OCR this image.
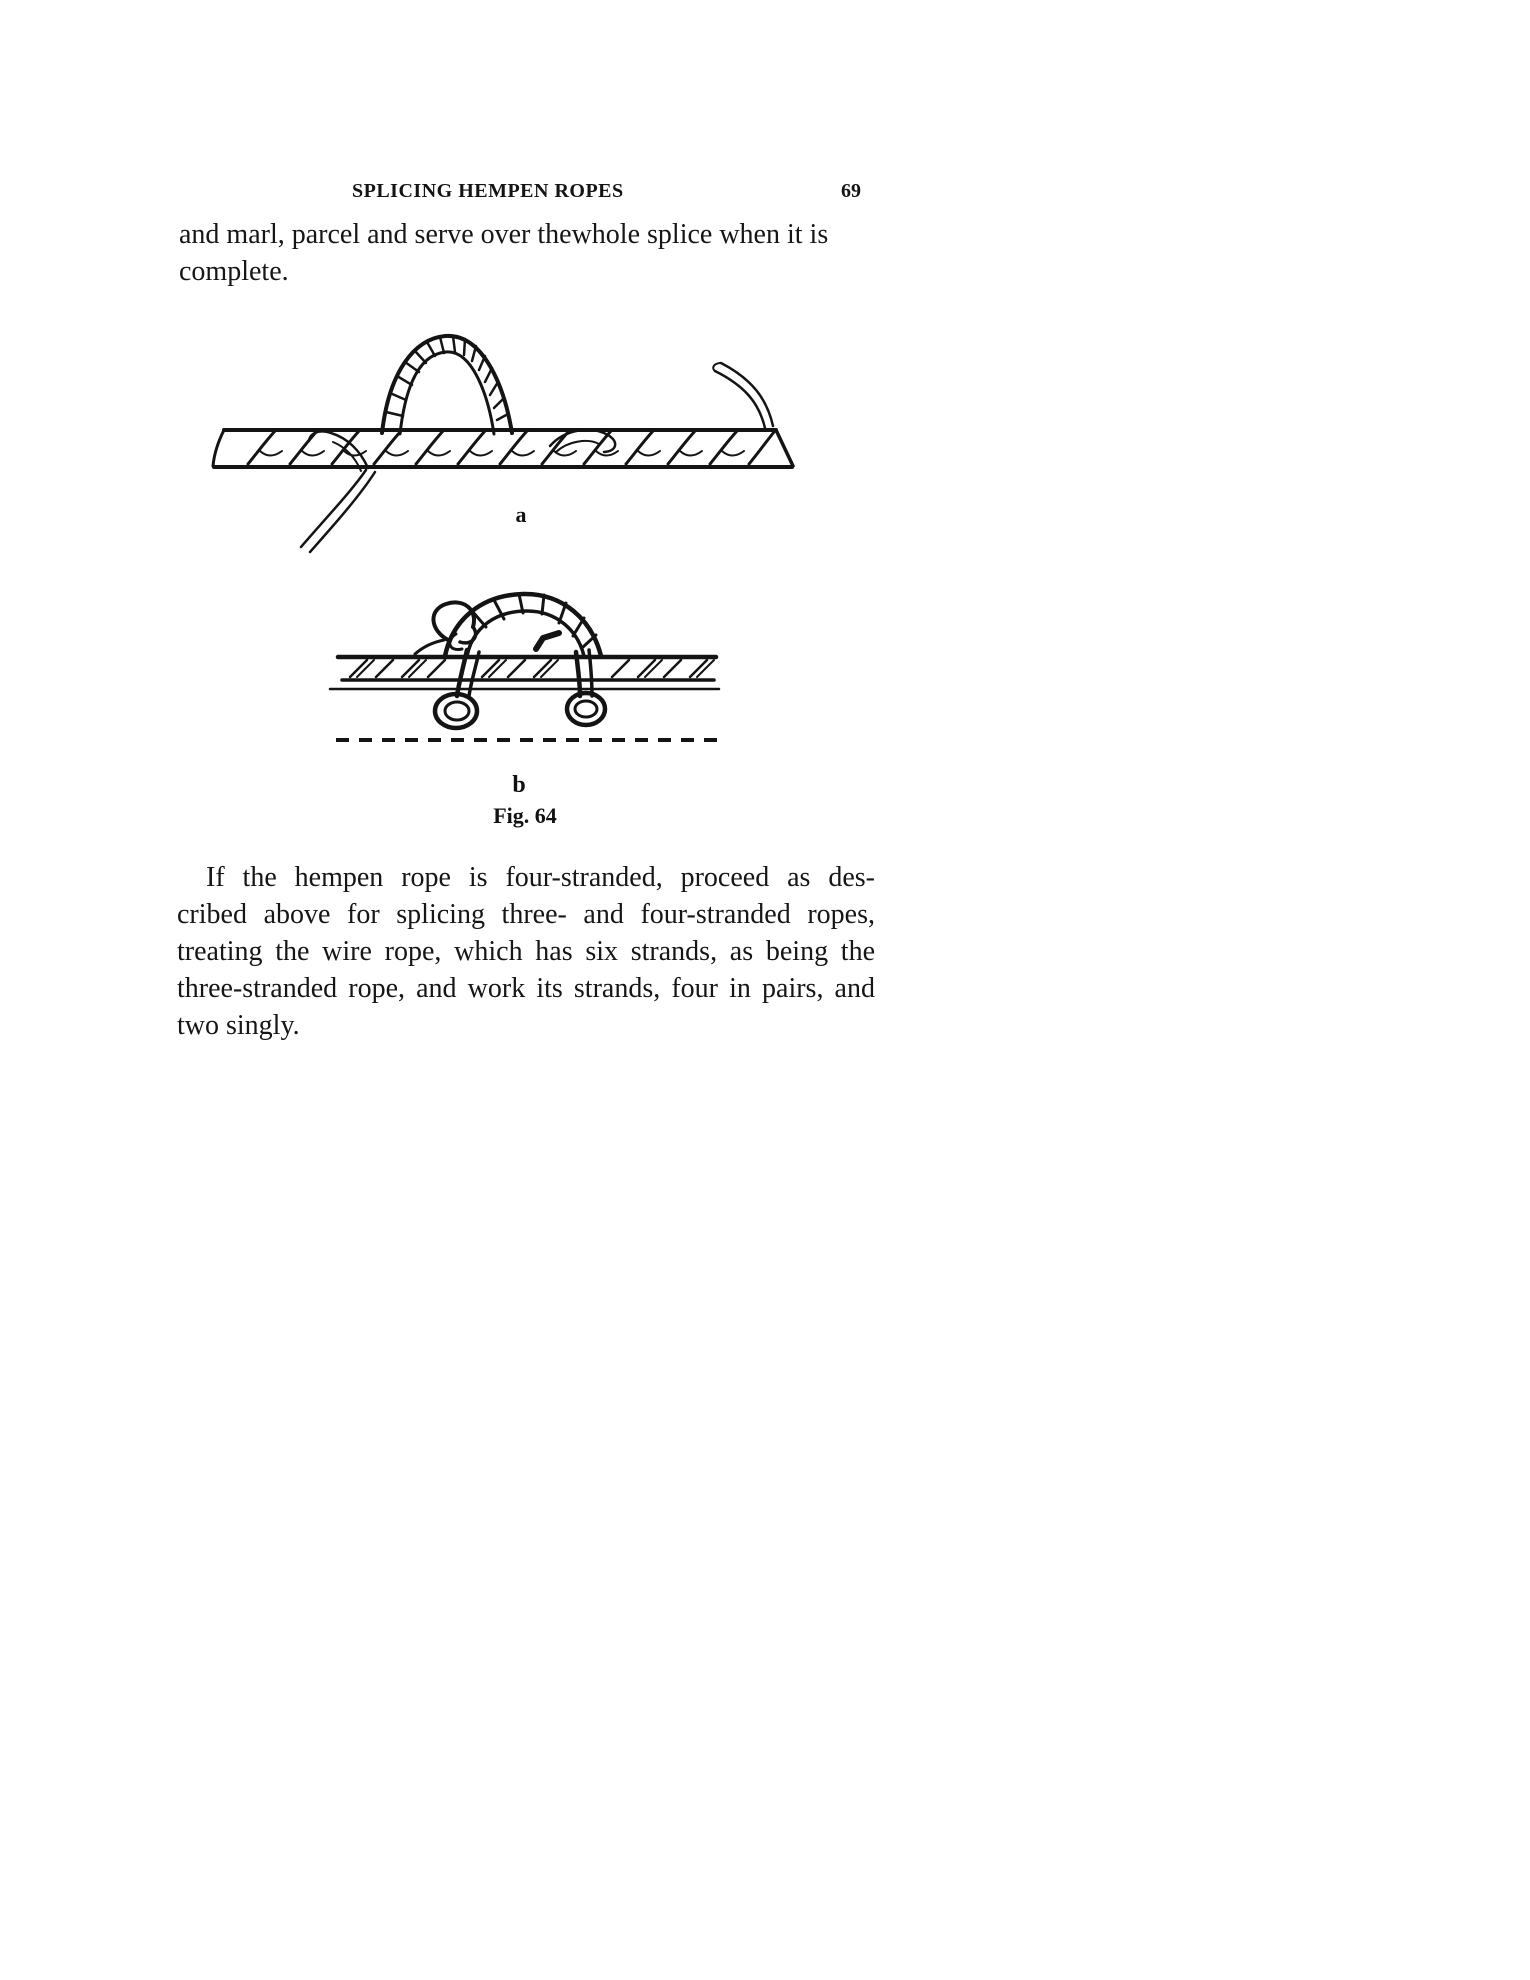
SPLICING HEMPEN ROPES	69
and marl, parcel and serve over thewhole splice when it is
complete.
a
b
Fig. 64
If the hempen rope is four-stranded, proceed as des-
cribed above for splicing three- and four-stranded ropes,
treating the wire rope, which has six strands, as being the
three-stranded rope, and work its strands, four in pairs, and
two singly.
